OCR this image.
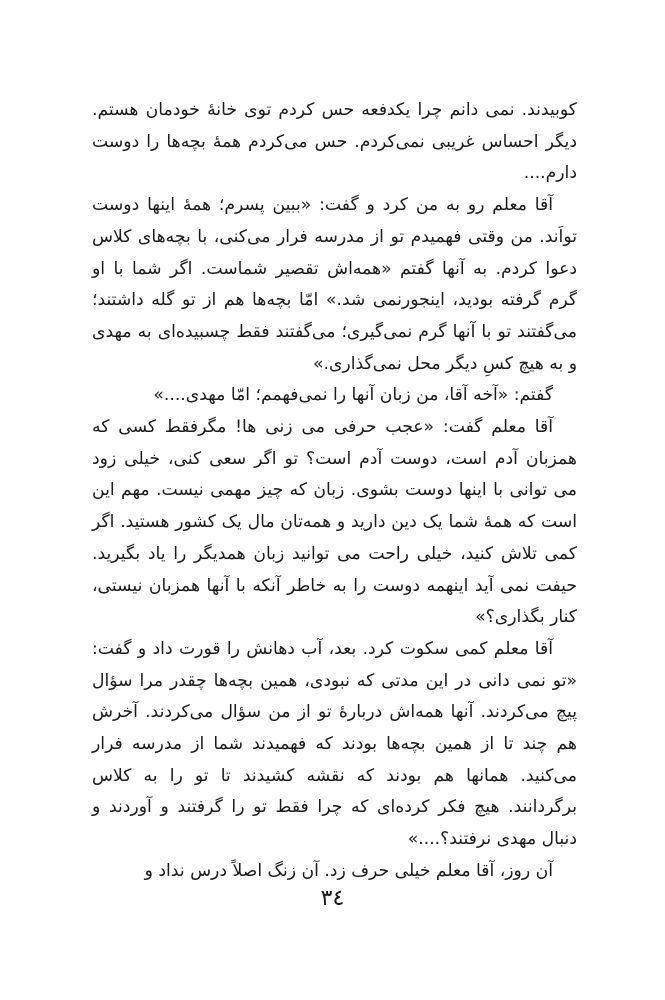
کوبیدند. نمی دانم چرا یکدفعه حس کردم توی خانهٔ خودمان هستم. دیگر احساس غریبی نمی‌کردم. حس می‌کردم همهٔ بچه‌ها را دوست دارم....

آقا معلم رو به من کرد و گفت: «ببین پسرم؛ همهٔ اینها دوست تواَند. من وقتی فهمیدم تو از مدرسه فرار می‌کنی، با بچه‌های کلاس دعوا کردم. به آنها گفتم «همه‌اش تقصیر شماست. اگر شما با او گرم گرفته بودید، اینجورنمی شد.» امّا بچه‌ها هم از تو گله داشتند؛ می‌گفتند تو با آنها گرم نمی‌گیری؛ می‌گفتند فقط چسبیده‌ای به مهدی و به هیچ کسِ دیگر محل نمی‌گذاری.»

گفتم: «آخه آقا، من زبان آنها را نمی‌فهمم؛ امّا مهدی....»

آقا معلم گفت: «عجب حرفی می زنی ها! مگرفقط کسی که همزبان آدم است، دوست آدم است؟ تو اگر سعی کنی، خیلی زود می توانی با اینها دوست بشوی. زبان که چیز مهمی نیست. مهم این است که همهٔ شما یک دین دارید و همه‌تان مال یک کشور هستید. اگر کمی تلاش کنید، خیلی راحت می توانید زبان همدیگر را یاد بگیرید. حیفت نمی آید اینهمه دوست را به خاطر آنکه با آنها همزبان نیستی، کنار بگذاری؟»

آقا معلم کمی سکوت کرد. بعد، آب دهانش را قورت داد و گفت: «تو نمی دانی در این مدتی که نبودی، همین بچه‌ها چقدر مرا سؤال پیچ می‌کردند. آنها همه‌اش دربارهٔ تو از من سؤال می‌کردند. آخرش هم چند تا از همین بچه‌ها بودند که فهمیدند شما از مدرسه فرار می‌کنید. همانها هم بودند که نقشه کشیدند تا تو را به کلاس برگردانند. هیچ فکر کرده‌ای که چرا فقط تو را گرفتند و آوردند و دنبال مهدی نرفتند؟....»

آن روز، آقا معلم خیلی حرف زد. آن زنگ اصلاً درس نداد و

۳٤
